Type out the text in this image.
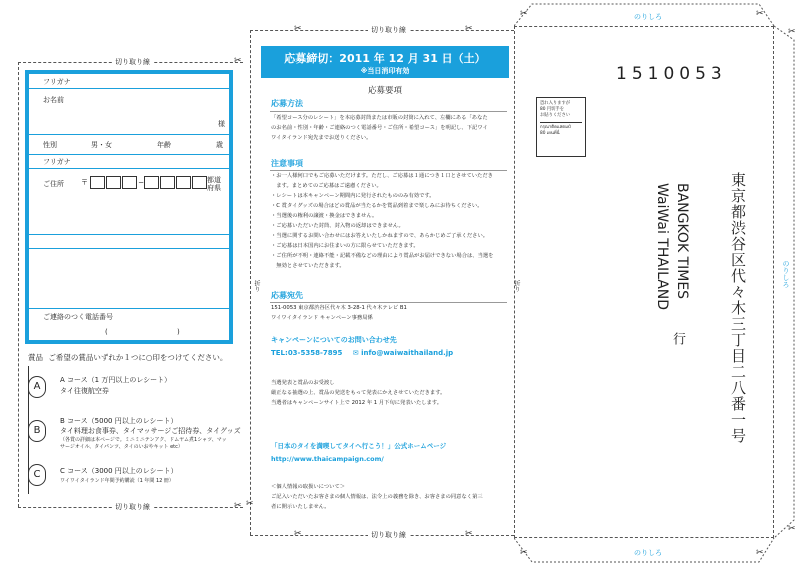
切り取り線	✂
切り取り線	✂
切り取り線
✂	✂
切り取り線
✂	✂
✂
折り	折り
フリガナ
お名前
様
性別	男・女	年齢	歳
フリガナ
ご住所 〒	−	都道府県
ご連絡のつく電話番号
(	)
賞品 ご希望の賞品いずれか１つに○印をつけてください。
A
A コース（1 万円以上のレシート）
タイ往復航空券
B
B コース（5000 円以上のレシート）
タイ料理お食事券、タイマッサージご招待券、タイグッズ
（各賞の詳細は本ページで。ミニミニテンアク、ドムヤム煮1シャツ、マッサージオイル、タイパンツ、タイのいおやキット etc）
C	C コース（3000 円以上のレシート）
ワイワイタイランド年間予約購読（1 年間 12 冊）
応募締切：2011 年 12 月 31 日（土）
※当日消印有効
応募要項
応募方法
「希望コース分のレシート」を本応募封筒または市販の封筒に入れて、左欄にある「あなた
のお名前・性別・年齢・ご連絡のつく電話番号・ご住所・希望コース」を明記し、下記ワイ
ワイタイランド宛先までお送りください。
注意事項
・お一人様何口でもご応募いただけます。ただし、ご応募は１通につき１口とさせていただき
　ます。まとめてのご応募はご遠慮ください。
・レシートは本キャンペーン期間内に発行されたもののみ有効です。
・C 賞タイグッズの場合はどの賞品が当たるかを賞品到着まで楽しみにお待ちください。
・当選後の権利の譲渡・換金はできません。
・ご応募いただいた封筒、封入物の返却はできません。
・当選に関するお問い合わせにはお答えいたしかねますので、あらかじめご了承ください。
・ご応募は日本国内にお住まいの方に限らせていただきます。
・ご住所が不明・連絡不能・記載不備などの理由により賞品がお届けできない場合は、当選を
　無効とさせていただきます。
応募宛先
151-0053 東京都渋谷区代々木 3-28-1 代々木テレビ B1
ワイワイタイランド キャンペーン事務局係
キャンペーンについてのお問い合わせ先
TEL:03-5358-7895 ✉ info@waiwaithailand.jp
当選発表と賞品のお受渡し
厳正なる抽選の上、賞品の発送をもって発表にかえさせていただきます。
当選者はキャンペーンサイト上で 2012 年 1 月下旬に発表いたします。
「日本のタイを満喫してタイへ行こう！」公式ホームページ
http://www.thaicampaign.com/
＜個人情報の取扱いについて＞
ご記入いただいたお客さまの個人情報は、法令上の義務を除き、お客さまの同意なく第三
者に開示いたしません。
✂	✂
✂
✂
✂	✂
のりしろ
のりしろ
のりしろ
1510053
恐れ入りますが
80 円切手を
お貼りください
กรุณาติดแสตมป์
80 เยนที่นี่
東京都渋谷区代々木三丁目二八番一号
BANGKOK TIMES
WaiWai THAILAND
行
